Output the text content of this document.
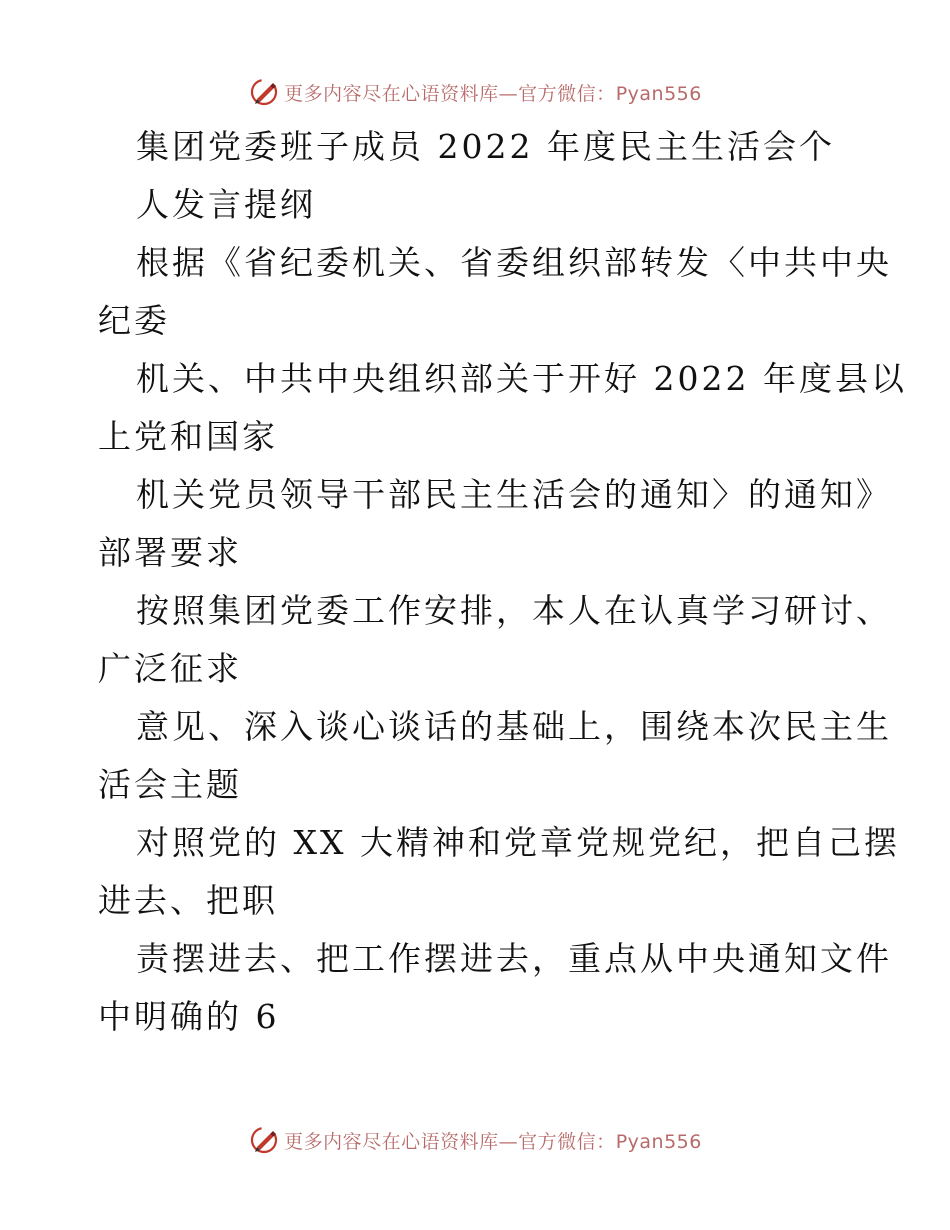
更多内容尽在心语资料库—官方微信：Pyan556
集团党委班子成员 2022 年度民主生活会个
人发言提纲
根据《省纪委机关、省委组织部转发〈中共中央
纪委
机关、中共中央组织部关于开好 2022 年度县以
上党和国家
机关党员领导干部民主生活会的通知〉的通知》
部署要求
按照集团党委工作安排，本人在认真学习研讨、
广泛征求
意见、深入谈心谈话的基础上，围绕本次民主生
活会主题
对照党的 XX 大精神和党章党规党纪，把自己摆
进去、把职
责摆进去、把工作摆进去，重点从中央通知文件
中明确的 6
更多内容尽在心语资料库—官方微信：Pyan556
